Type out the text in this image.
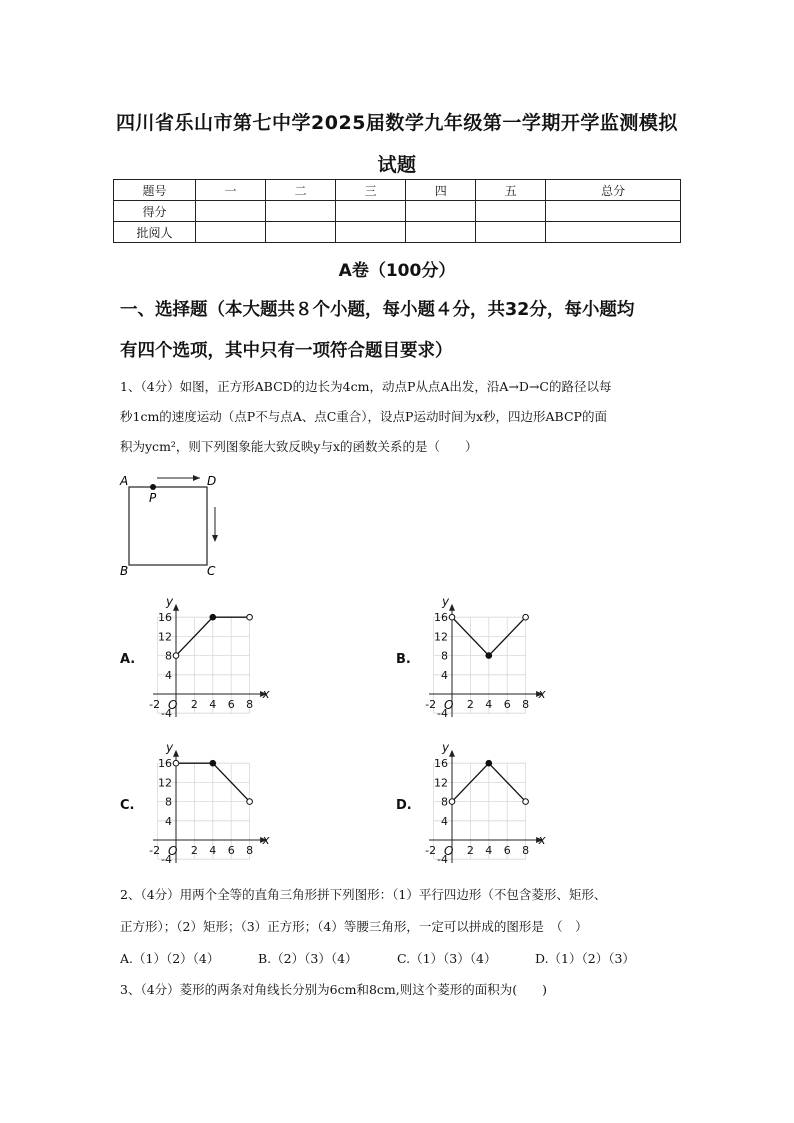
四川省乐山市第七中学2025届数学九年级第一学期开学监测模拟
试题
题号	一	二	三	四	五	总分
得分						
批阅人						
A卷（100分）
一、选择题（本大题共８个小题，每小题４分，共32分，每小题均
有四个选项，其中只有一项符合题目要求）
1、（4分）如图，正方形ABCD的边长为4cm，动点P从点A出发，沿A→D→C的路径以每
秒1cm的速度运动（点P不与点A、点C重合），设点P运动时间为x秒，四边形ABCP的面
积为ycm²，则下列图象能大致反映y与x的函数关系的是（　　）
A	D
B	C
P
A.	B.
C.	D.
16
12
8
4
-4
-2	2 4 6 8
O
x
y
16
12
8
4
-4
-2	2 4 6 8
O
x
y
16
12
8
4
-4
-2	2 4 6 8
O
x
y
16
12
8
4
-4
-2	2 4 6 8
O
x
y
2、（4分）用两个全等的直角三角形拼下列图形：（1）平行四边形（不包含菱形、矩形、
正方形）；（2）矩形；（3）正方形；（4）等腰三角形，一定可以拼成的图形是　（　）
A.（1）（2）（4）	B.（2）（3）（4）	C.（1）（3）（4）	D.（1）（2）（3）
3、（4分）菱形的两条对角线长分别为6cm和8cm,则这个菱形的面积为(　　)
